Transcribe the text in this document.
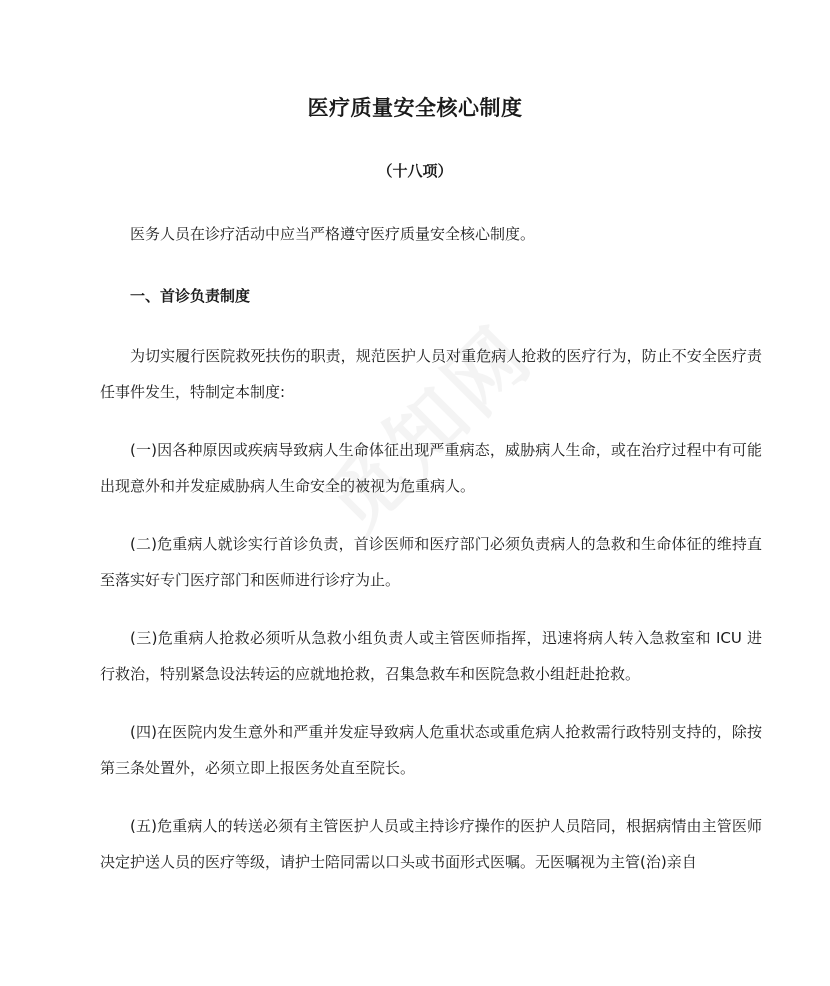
医疗质量安全核心制度
（十八项）

医务人员在诊疗活动中应当严格遵守医疗质量安全核心制度。

一、首诊负责制度

为切实履行医院救死扶伤的职责，规范医护人员对重危病人抢救的医疗行为，防止不安全医疗责任事件发生，特制定本制度:

(一)因各种原因或疾病导致病人生命体征出现严重病态，威胁病人生命，或在治疗过程中有可能出现意外和并发症威胁病人生命安全的被视为危重病人。

(二)危重病人就诊实行首诊负责，首诊医师和医疗部门必须负责病人的急救和生命体征的维持直至落实好专门医疗部门和医师进行诊疗为止。

(三)危重病人抢救必须听从急救小组负责人或主管医师指挥，迅速将病人转入急救室和 ICU 进行救治，特别紧急设法转运的应就地抢救，召集急救车和医院急救小组赶赴抢救。

(四)在医院内发生意外和严重并发症导致病人危重状态或重危病人抢救需行政特别支持的，除按第三条处置外，必须立即上报医务处直至院长。

(五)危重病人的转送必须有主管医护人员或主持诊疗操作的医护人员陪同，根据病情由主管医师决定护送人员的医疗等级，请护士陪同需以口头或书面形式医嘱。无医嘱视为主管(治)亲自
